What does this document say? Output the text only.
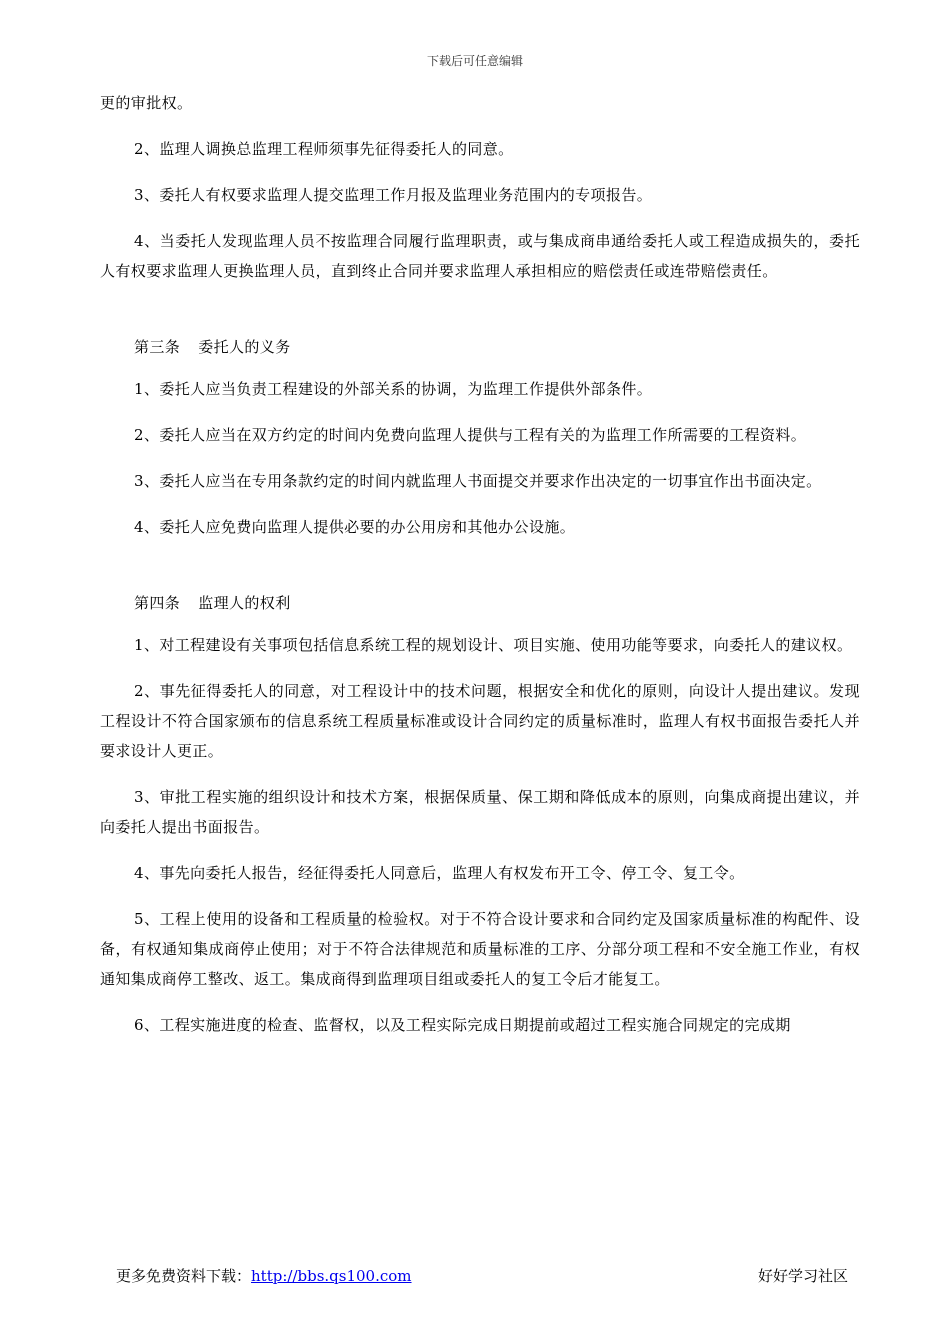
下载后可任意编辑

更的审批权。

2、监理人调换总监理工程师须事先征得委托人的同意。

3、委托人有权要求监理人提交监理工作月报及监理业务范围内的专项报告。

4、当委托人发现监理人员不按监理合同履行监理职责，或与集成商串通给委托人或工程造成损失的，委托人有权要求监理人更换监理人员，直到终止合同并要求监理人承担相应的赔偿责任或连带赔偿责任。

第三条 委托人的义务

1、委托人应当负责工程建设的外部关系的协调，为监理工作提供外部条件。

2、委托人应当在双方约定的时间内免费向监理人提供与工程有关的为监理工作所需要的工程资料。

3、委托人应当在专用条款约定的时间内就监理人书面提交并要求作出决定的一切事宜作出书面决定。

4、委托人应免费向监理人提供必要的办公用房和其他办公设施。

第四条 监理人的权利

1、对工程建设有关事项包括信息系统工程的规划设计、项目实施、使用功能等要求，向委托人的建议权。

2、事先征得委托人的同意，对工程设计中的技术问题，根据安全和优化的原则，向设计人提出建议。发现工程设计不符合国家颁布的信息系统工程质量标准或设计合同约定的质量标准时，监理人有权书面报告委托人并要求设计人更正。

3、审批工程实施的组织设计和技术方案，根据保质量、保工期和降低成本的原则，向集成商提出建议，并向委托人提出书面报告。

4、事先向委托人报告，经征得委托人同意后，监理人有权发布开工令、停工令、复工令。

5、工程上使用的设备和工程质量的检验权。对于不符合设计要求和合同约定及国家质量标准的构配件、设备，有权通知集成商停止使用；对于不符合法律规范和质量标准的工序、分部分项工程和不安全施工作业，有权通知集成商停工整改、返工。集成商得到监理项目组或委托人的复工令后才能复工。

6、工程实施进度的检查、监督权，以及工程实际完成日期提前或超过工程实施合同规定的完成期

更多免费资料下载：http://bbs.qs100.com	好好学习社区
